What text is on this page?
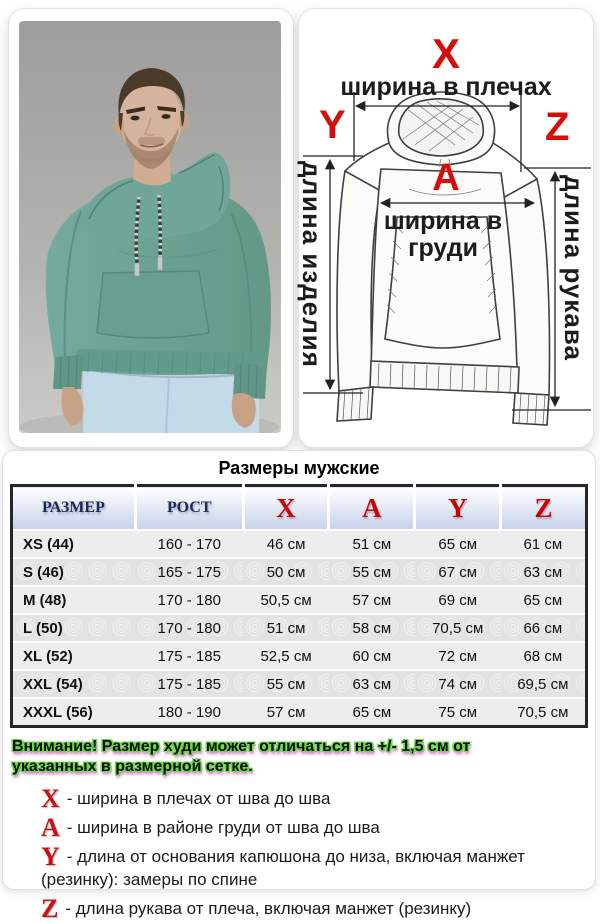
X
ширина в плечах
Y	Z
A
ширина в груди
длина изделия	длина рукава
Размеры мужские
РАЗМЕР	РОСТ	X	A	Y	Z
XS (44)	160 - 170	46 см	51 см	65 см	61 см
S (46)	165 - 175	50 см	55 см	67 см	63 см
M (48)	170 - 180	50,5 см	57 см	69 см	65 см
L (50)	170 - 180	51 см	58 см	70,5 см	66 см
XL (52)	175 - 185	52,5 см	60 см	72 см	68 см
XXL (54)	175 - 185	55 см	63 см	74 см	69,5 см
XXXL (56)	180 - 190	57 см	65 см	75 см	70,5 см
Внимание! Размер худи может отличаться на +/- 1,5 см от указанных в размерной сетке.
X - ширина в плечах от шва до шва
A - ширина в районе груди от шва до шва
Y - длина от основания капюшона до низа, включая манжет (резинку): замеры по спине
Z - длина рукава от плеча, включая манжет (резинку)
